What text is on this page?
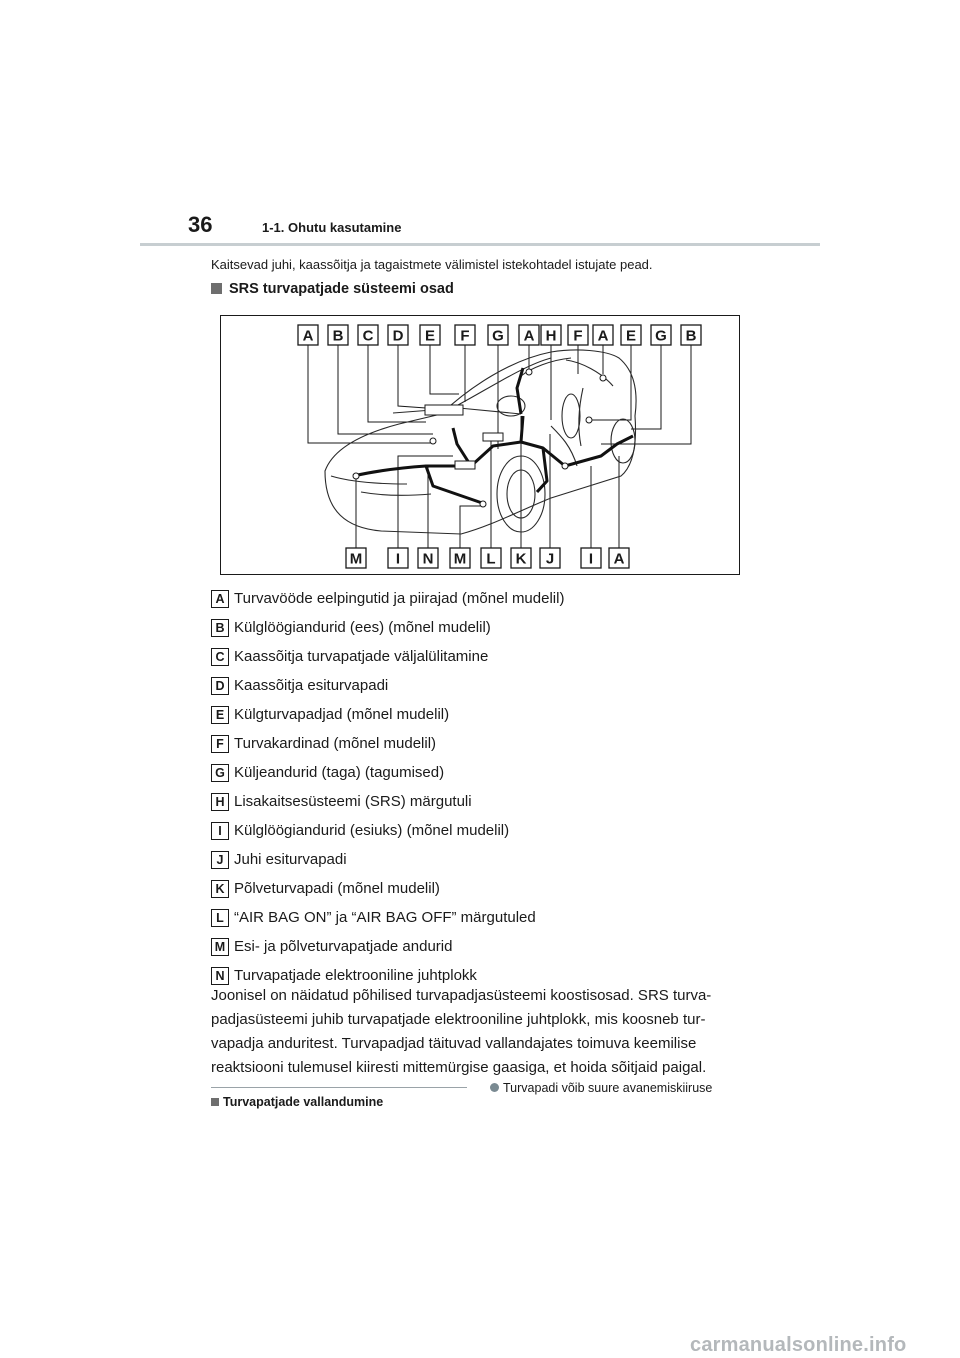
36	1-1. Ohutu kasutamine
Kaitsevad juhi, kaassõitja ja tagaistmete välimistel istekohtadel istujate pead.
SRS turvapatjade süsteemi osad
A B C D E F G A H F A E G B
M I N M L K J I A
A Turvavööde eelpingutid ja piirajad (mõnel mudelil)
B Külglöögiandurid (ees) (mõnel mudelil)
C Kaassõitja turvapatjade väljalülitamine
D Kaassõitja esiturvapadi
E Külgturvapadjad (mõnel mudelil)
F Turvakardinad (mõnel mudelil)
G Küljeandurid (taga) (tagumised)
H Lisakaitsesüsteemi (SRS) märgutuli
I Külglöögiandurid (esiuks) (mõnel mudelil)
J Juhi esiturvapadi
K Põlveturvapadi (mõnel mudelil)
L “AIR BAG ON” ja “AIR BAG OFF” märgutuled
M Esi- ja põlveturvapatjade andurid
N Turvapatjade elektrooniline juhtplokk

Joonisel on näidatud põhilised turvapadjasüsteemi koostisosad. SRS turva-padjasüsteemi juhib turvapatjade elektrooniline juhtplokk, mis koosneb tur-vapadja anduritest. Turvapadjad täituvad vallandajates toimuva keemilise reaktsiooni tulemusel kiiresti mittemürgise gaasiga, et hoida sõitjaid paigal.

Turvapatjade vallandumine
Turvapadi võib suure avanemiskiiruse
carmanualsonline.info
